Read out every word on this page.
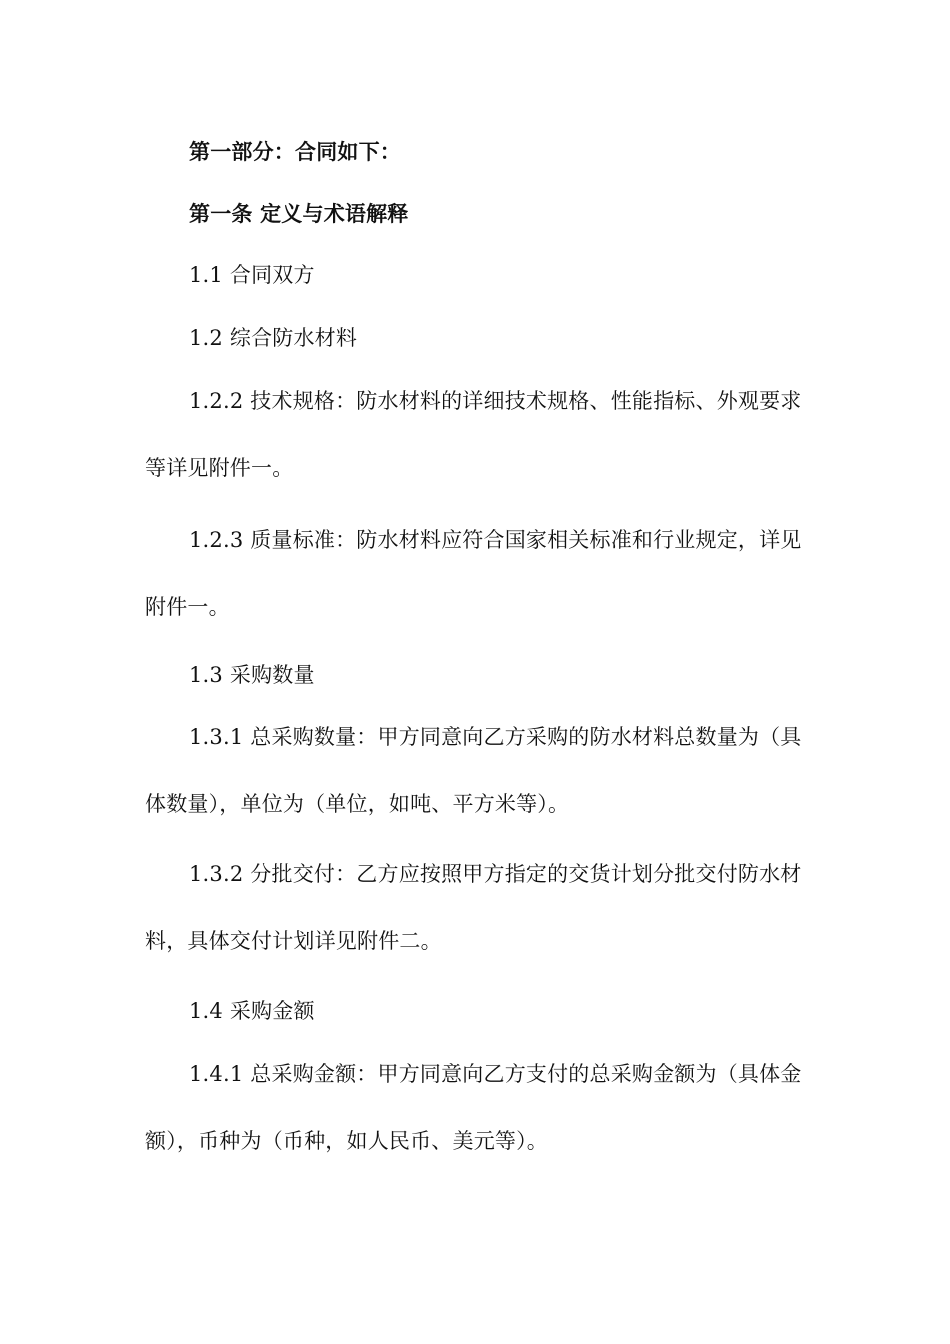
第一部分：合同如下：

第一条 定义与术语解释

1.1 合同双方

1.2 综合防水材料

1.2.2 技术规格：防水材料的详细技术规格、性能指标、外观要求等详见附件一。

1.2.3 质量标准：防水材料应符合国家相关标准和行业规定，详见附件一。

1.3 采购数量

1.3.1 总采购数量：甲方同意向乙方采购的防水材料总数量为（具体数量），单位为（单位，如吨、平方米等）。

1.3.2 分批交付：乙方应按照甲方指定的交货计划分批交付防水材料，具体交付计划详见附件二。

1.4 采购金额

1.4.1 总采购金额：甲方同意向乙方支付的总采购金额为（具体金额），币种为（币种，如人民币、美元等）。
